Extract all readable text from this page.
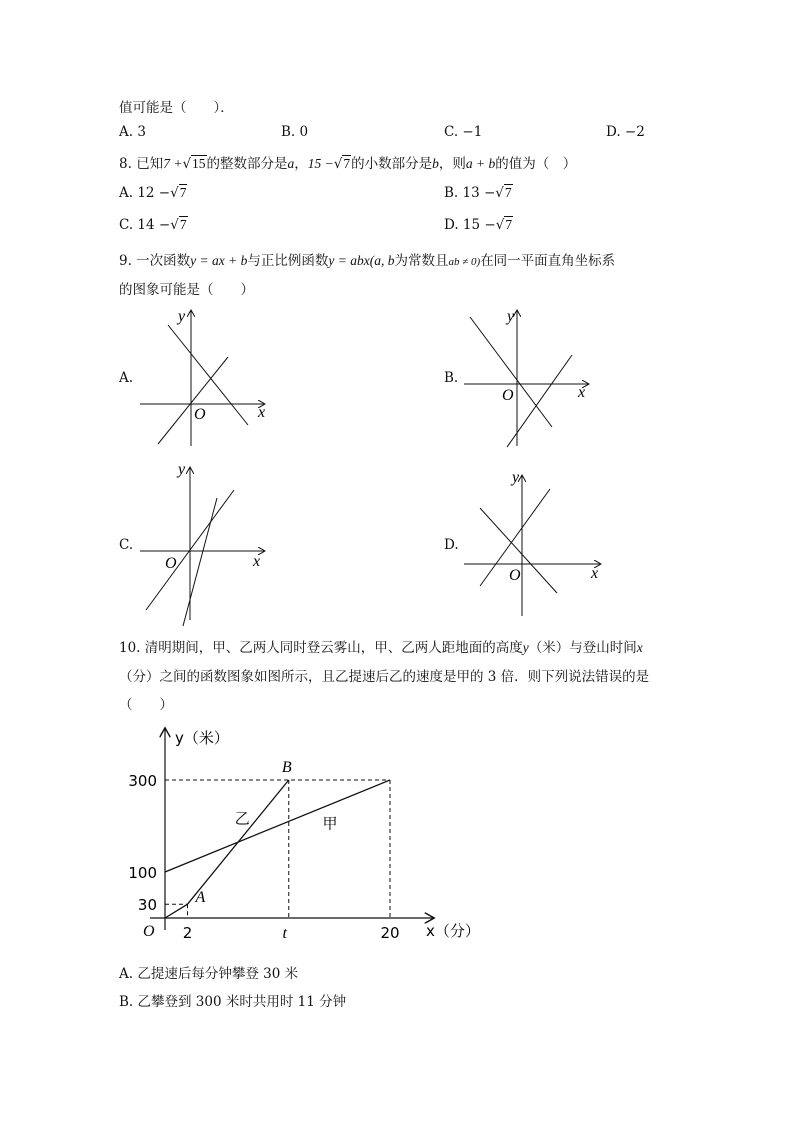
值可能是（　　）．
A. 3	B. 0	C. −1	D. −2
8. 已知7 +√15的整数部分是a，15 −√7的小数部分是b，则a + b的值为（　）
A. 12 −√7	B. 13 −√7
C. 14 −√7	D. 15 −√7
9. 一次函数y = ax + b与正比例函数y = abx(a, b为常数且ab ≠ 0)在同一平面直角坐标系
的图象可能是（　　）
A.
y
x
O
B.
y
x
O
C.
y
x
O
D.
y
x
O
10. 清明期间，甲、乙两人同时登云雾山，甲、乙两人距地面的高度y（米）与登山时间x
（分）之间的函数图象如图所示，且乙提速后乙的速度是甲的 3 倍．则下列说法错误的是
（　　）
300
100
30
2	t	20
O
y（米）
x（分）
A
B
乙	甲
A. 乙提速后每分钟攀登 30 米
B. 乙攀登到 300 米时共用时 11 分钟
